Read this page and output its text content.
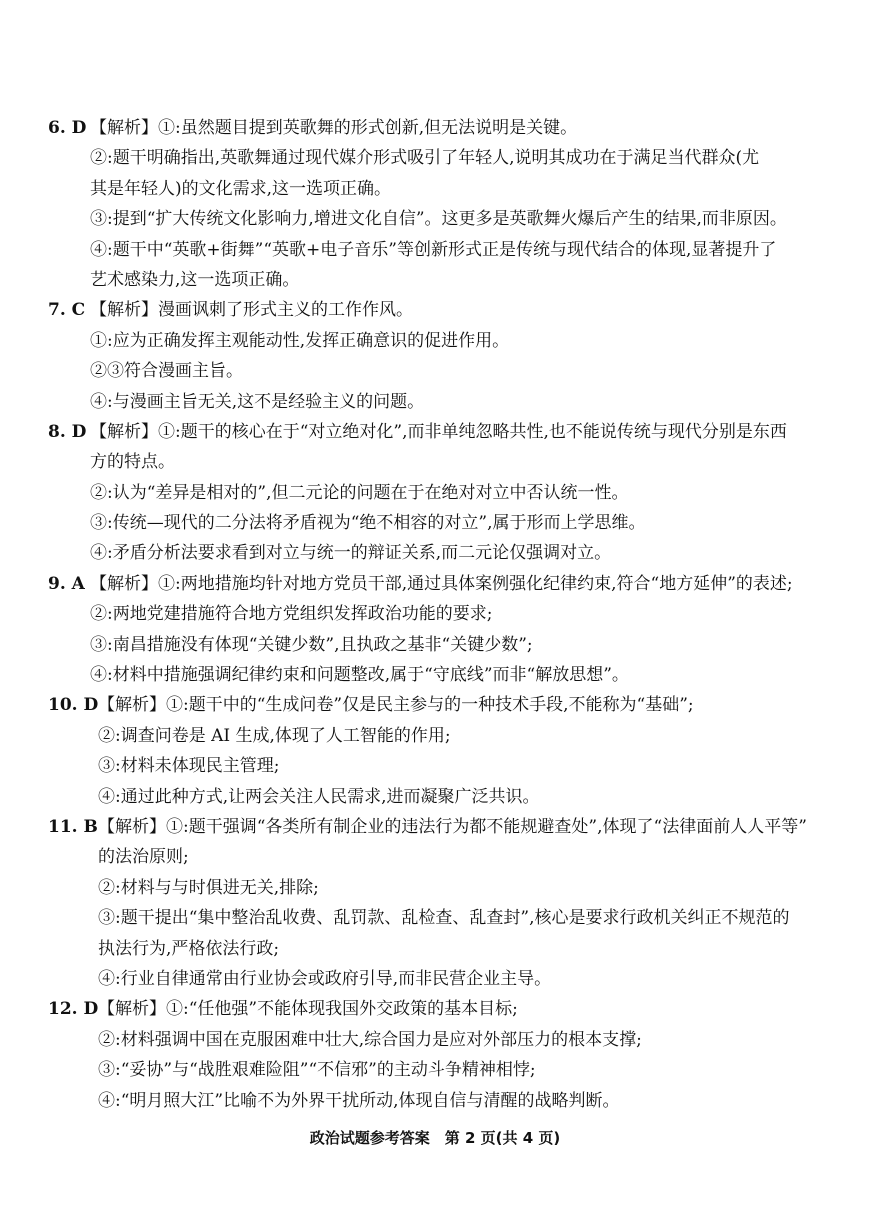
6. D 【解析】①:虽然题目提到英歌舞的形式创新,但无法说明是关键。
②:题干明确指出,英歌舞通过现代媒介形式吸引了年轻人,说明其成功在于满足当代群众(尤
其是年轻人)的文化需求,这一选项正确。
③:提到“扩大传统文化影响力,增进文化自信”。这更多是英歌舞火爆后产生的结果,而非原因。
④:题干中“英歌+街舞”“英歌+电子音乐”等创新形式正是传统与现代结合的体现,显著提升了
艺术感染力,这一选项正确。
7. C 【解析】漫画讽刺了形式主义的工作作风。
①:应为正确发挥主观能动性,发挥正确意识的促进作用。
②③符合漫画主旨。
④:与漫画主旨无关,这不是经验主义的问题。
8. D 【解析】①:题干的核心在于“对立绝对化”,而非单纯忽略共性,也不能说传统与现代分别是东西
方的特点。
②:认为“差异是相对的”,但二元论的问题在于在绝对对立中否认统一性。
③:传统—现代的二分法将矛盾视为“绝不相容的对立”,属于形而上学思维。
④:矛盾分析法要求看到对立与统一的辩证关系,而二元论仅强调对立。
9. A 【解析】①:两地措施均针对地方党员干部,通过具体案例强化纪律约束,符合“地方延伸”的表述;
②:两地党建措施符合地方党组织发挥政治功能的要求;
③:南昌措施没有体现“关键少数”,且执政之基非“关键少数”;
④:材料中措施强调纪律约束和问题整改,属于“守底线”而非“解放思想”。
10. D【解析】①:题干中的“生成问卷”仅是民主参与的一种技术手段,不能称为“基础”;
②:调查问卷是 AI 生成,体现了人工智能的作用;
③:材料未体现民主管理;
④:通过此种方式,让两会关注人民需求,进而凝聚广泛共识。
11. B【解析】①:题干强调“各类所有制企业的违法行为都不能规避查处”,体现了“法律面前人人平等”
的法治原则;
②:材料与与时俱进无关,排除;
③:题干提出“集中整治乱收费、乱罚款、乱检查、乱查封”,核心是要求行政机关纠正不规范的
执法行为,严格依法行政;
④:行业自律通常由行业协会或政府引导,而非民营企业主导。
12. D【解析】①:“任他强”不能体现我国外交政策的基本目标;
②:材料强调中国在克服困难中壮大,综合国力是应对外部压力的根本支撑;
③:“妥协”与“战胜艰难险阻”“不信邪”的主动斗争精神相悖;
④:“明月照大江”比喻不为外界干扰所动,体现自信与清醒的战略判断。
政治试题参考答案　第 2 页(共 4 页)
